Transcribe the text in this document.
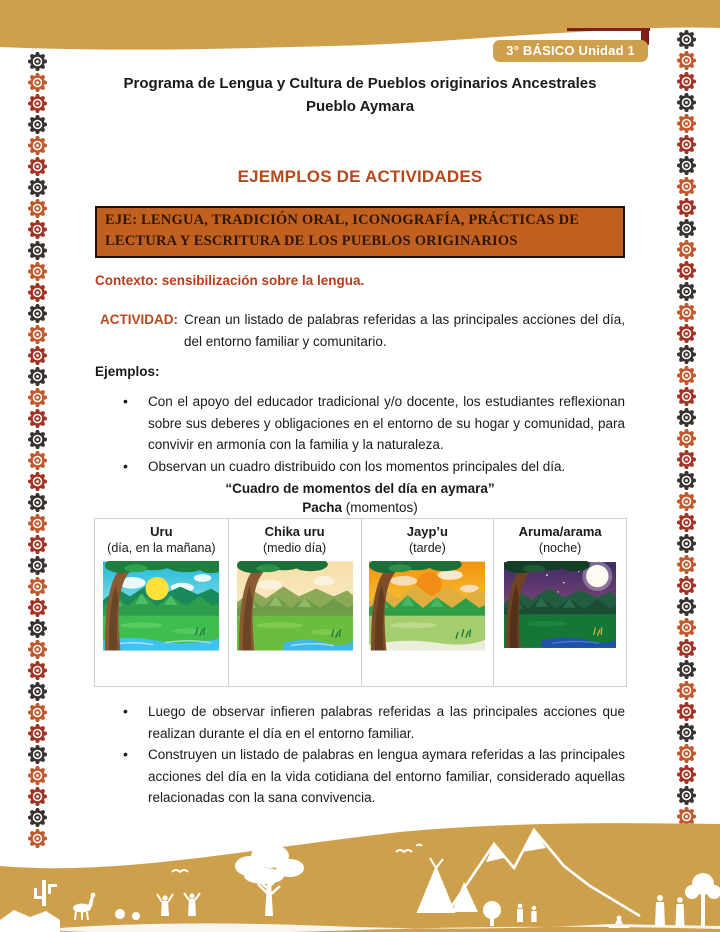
3° BÁSICO Unidad 1
Programa de Lengua y Cultura de Pueblos originarios Ancestrales
Pueblo Aymara
EJEMPLOS DE ACTIVIDADES
EJE: LENGUA, TRADICIÓN ORAL, ICONOGRAFÍA, PRÁCTICAS DE LECTURA Y ESCRITURA DE LOS PUEBLOS ORIGINARIOS
Contexto: sensibilización sobre la lengua.
ACTIVIDAD: Crean un listado de palabras referidas a las principales acciones del día, del entorno familiar y comunitario.
Ejemplos:
• Con el apoyo del educador tradicional y/o docente, los estudiantes reflexionan sobre sus deberes y obligaciones en el entorno de su hogar y comunidad, para convivir en armonía con la familia y la naturaleza.
• Observan un cuadro distribuido con los momentos principales del día.
“Cuadro de momentos del día en aymara”
Pacha (momentos)
Uru
(día, en la mañana)
Chika uru
(medio día)
Jayp’u
(tarde)
Aruma/arama
(noche)
• Luego de observar infieren palabras referidas a las principales acciones que realizan durante el día en el entorno familiar.
• Construyen un listado de palabras en lengua aymara referidas a las principales acciones del día en la vida cotidiana del entorno familiar, considerado aquellas relacionadas con la sana convivencia.
